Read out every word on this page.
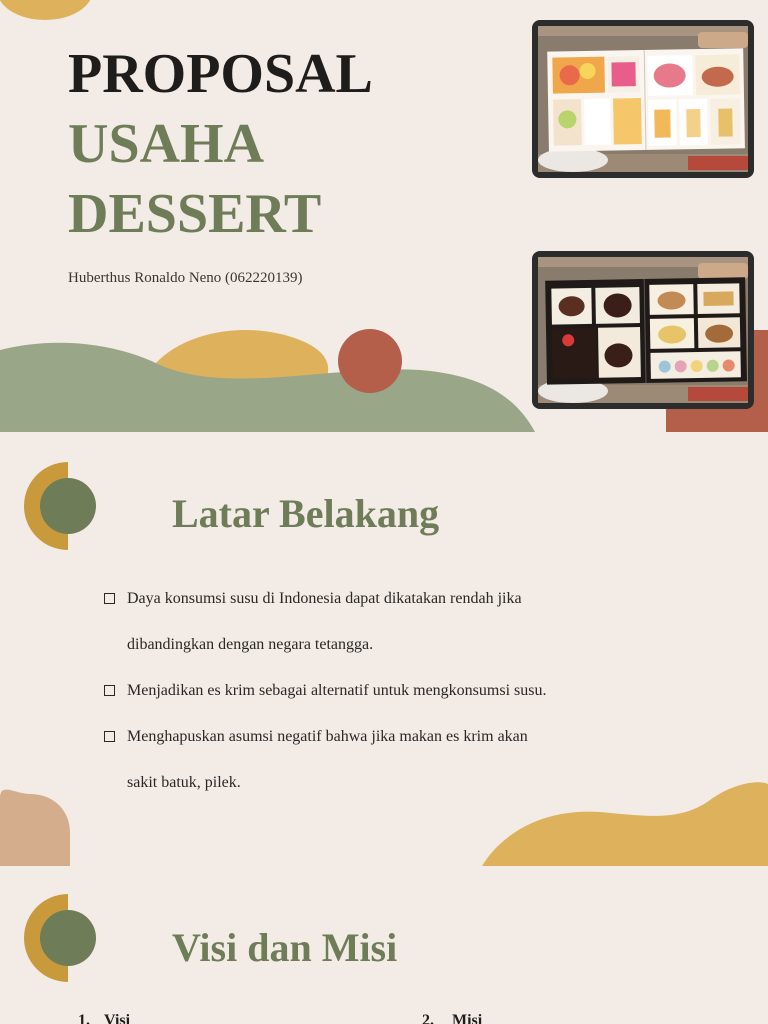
PROPOSAL
USAHA
DESSERT
Huberthus Ronaldo Neno (062220139)
Latar Belakang
Daya konsumsi susu di Indonesia dapat dikatakan rendah jika
dibandingkan dengan negara tetangga.
Menjadikan es krim sebagai alternatif untuk mengkonsumsi susu.
Menghapuskan asumsi negatif bahwa jika makan es krim akan
sakit batuk, pilek.
Visi dan Misi
1. Visi	2. Misi
